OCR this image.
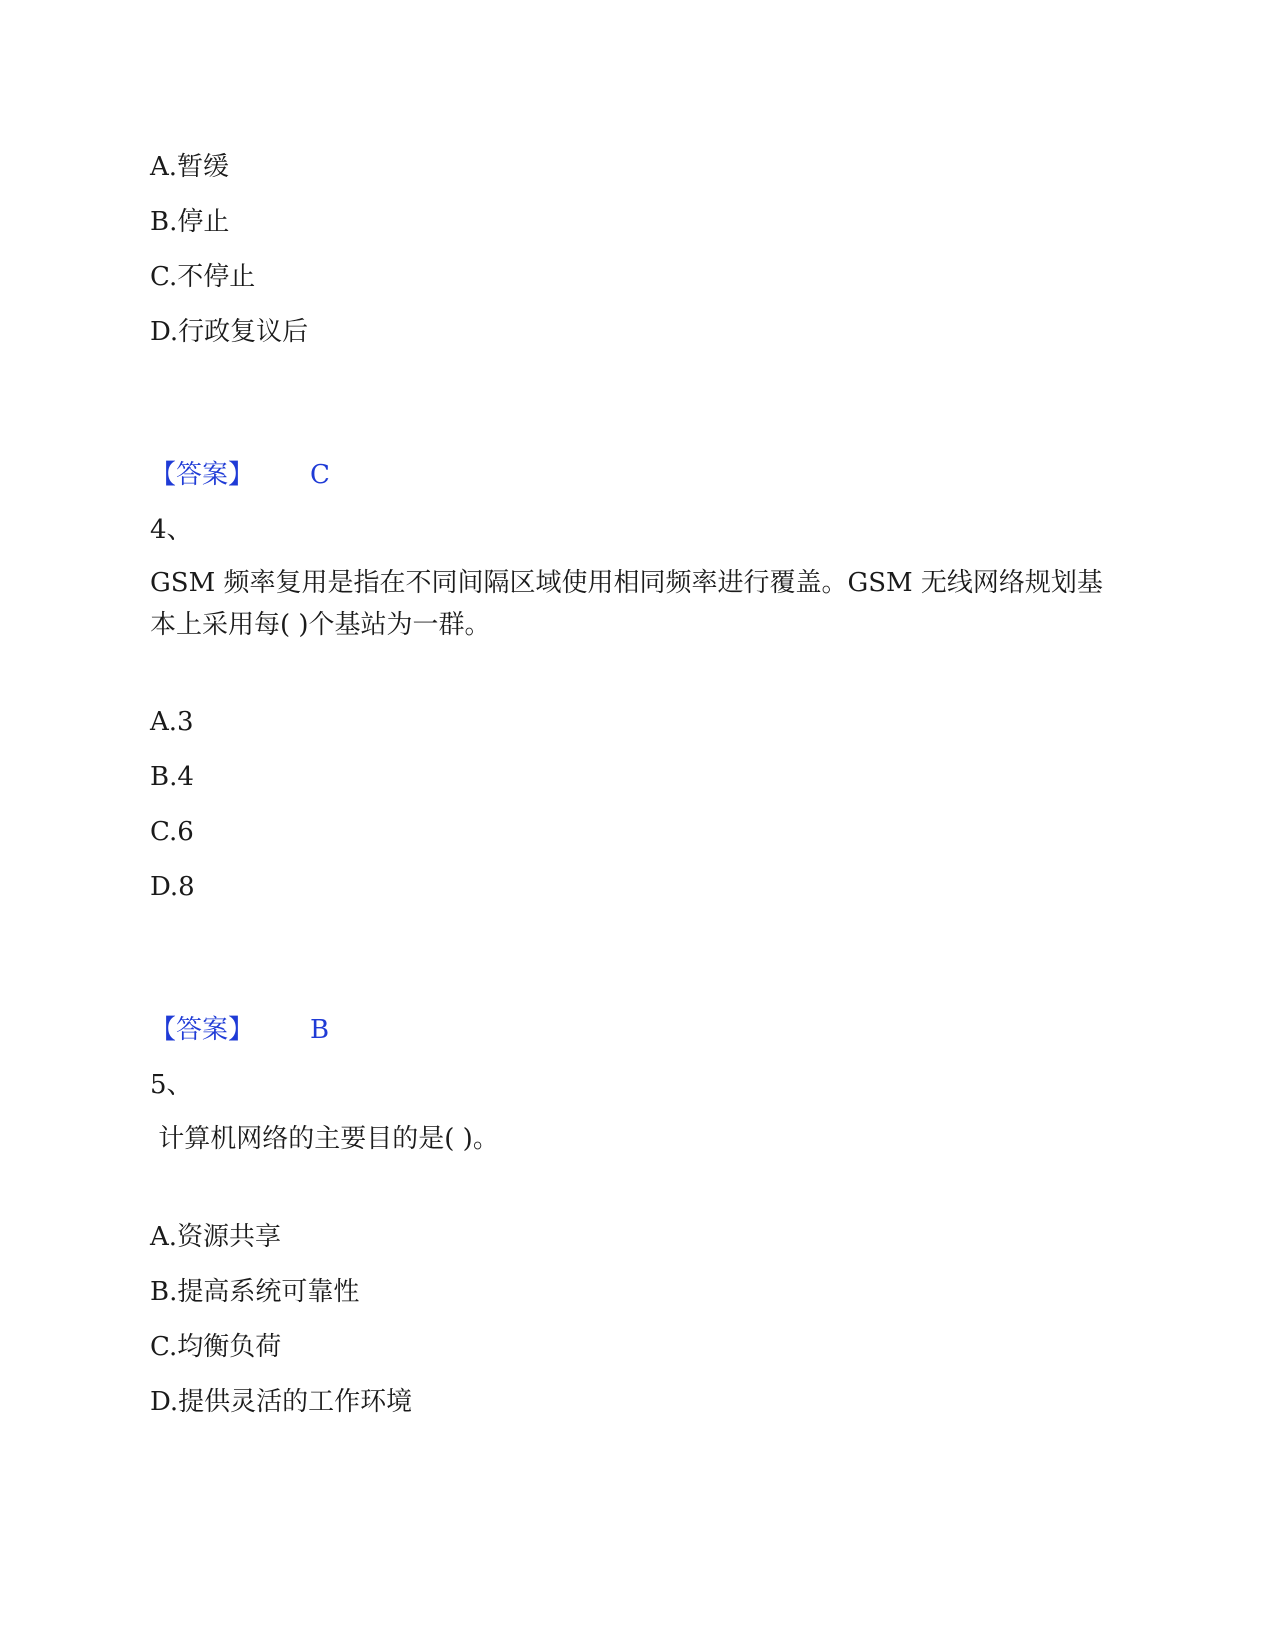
A.暂缓
B.停止
C.不停止
D.行政复议后
【答案】 C
4、
GSM 频率复用是指在不同间隔区域使用相同频率进行覆盖。GSM 无线网络规划基本上采用每( )个基站为一群。
A.3
B.4
C.6
D.8
【答案】 B
5、
计算机网络的主要目的是( )。
A.资源共享
B.提高系统可靠性
C.均衡负荷
D.提供灵活的工作环境
